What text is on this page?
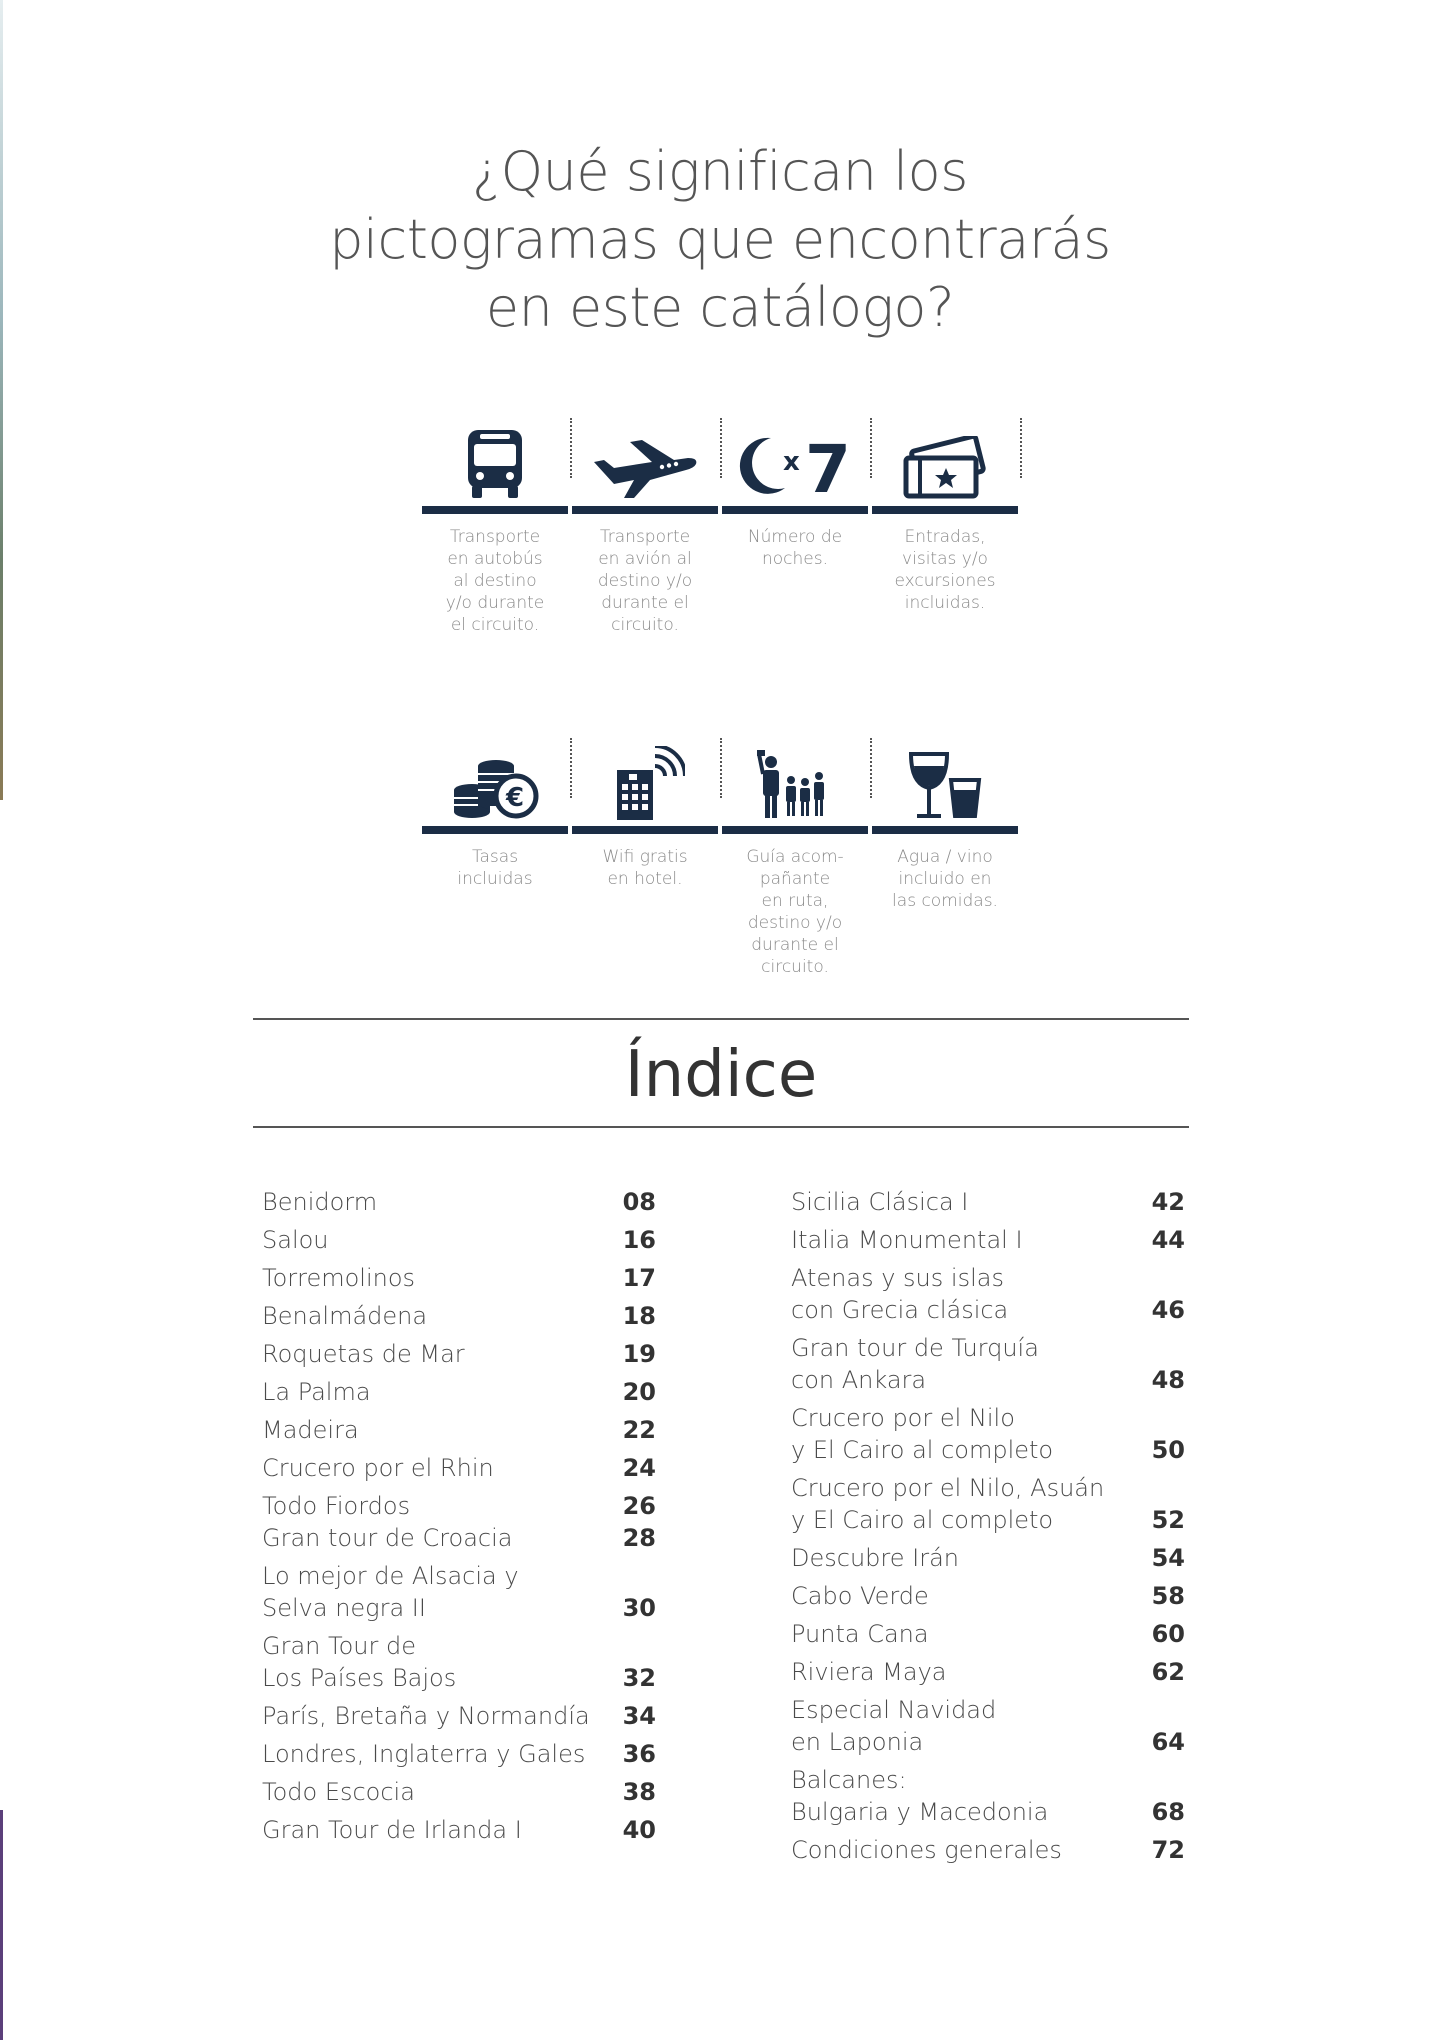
¿Qué significan los
pictogramas que encontrarás
en este catálogo?
Transporte
en autobús
al destino
y/o durante
el circuito.
Transporte
en avión al
destino y/o
durante el
circuito.
x 7
Número de
noches.
Entradas,
visitas y/o
excursiones
incluidas.
€
Tasas
incluidas
Wifi gratis
en hotel.
Guía acom-
pañante
en ruta,
destino y/o
durante el
circuito.
Agua / vino
incluido en
las comidas.
Índice
Benidorm	08
Salou	16
Torremolinos	17
Benalmádena	18
Roquetas de Mar	19
La Palma	20
Madeira	22
Crucero por el Rhin	24
Todo Fiordos	26
Gran tour de Croacia	28
Lo mejor de Alsacia y
Selva negra II	30
Gran Tour de
Los Países Bajos	32
París, Bretaña y Normandía 34
Londres, Inglaterra y Gales 36
Todo Escocia	38
Gran Tour de Irlanda I	40
Sicilia Clásica I	42
Italia Monumental I	44
Atenas y sus islas
con Grecia clásica	46
Gran tour de Turquía
con Ankara	48
Crucero por el Nilo
y El Cairo al completo	50
Crucero por el Nilo, Asuán
y El Cairo al completo	52
Descubre Irán	54
Cabo Verde	58
Punta Cana	60
Riviera Maya	62
Especial Navidad
en Laponia	64
Balcanes:
Bulgaria y Macedonia	68
Condiciones generales	72
